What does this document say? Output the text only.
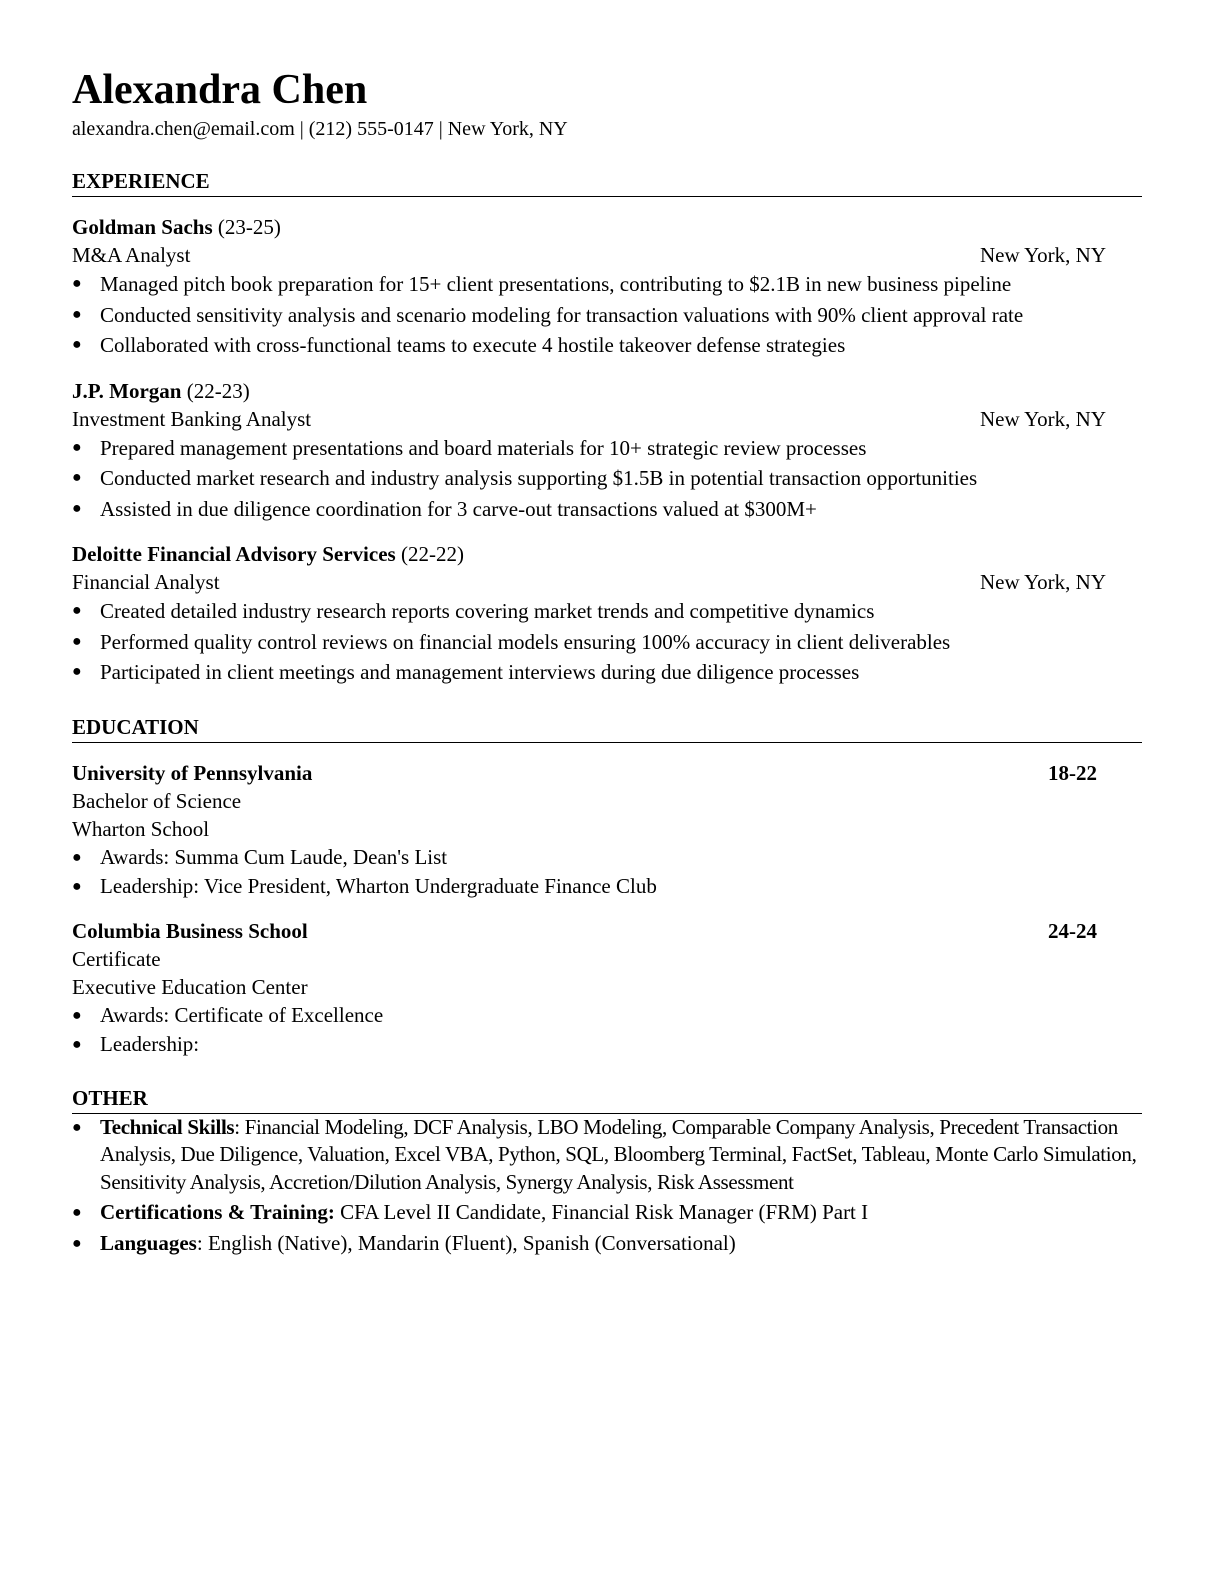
Alexandra Chen
alexandra.chen@email.com | (212) 555-0147 | New York, NY
EXPERIENCE
Goldman Sachs (23-25)
M&A Analyst	New York, NY
● Managed pitch book preparation for 15+ client presentations, contributing to $2.1B in new business pipeline
● Conducted sensitivity analysis and scenario modeling for transaction valuations with 90% client approval rate
● Collaborated with cross-functional teams to execute 4 hostile takeover defense strategies
J.P. Morgan (22-23)
Investment Banking Analyst	New York, NY
● Prepared management presentations and board materials for 10+ strategic review processes
● Conducted market research and industry analysis supporting $1.5B in potential transaction opportunities
● Assisted in due diligence coordination for 3 carve-out transactions valued at $300M+
Deloitte Financial Advisory Services (22-22)
Financial Analyst	New York, NY
● Created detailed industry research reports covering market trends and competitive dynamics
● Performed quality control reviews on financial models ensuring 100% accuracy in client deliverables
● Participated in client meetings and management interviews during due diligence processes
EDUCATION
University of Pennsylvania	18-22
Bachelor of Science
Wharton School
● Awards: Summa Cum Laude, Dean's List
● Leadership: Vice President, Wharton Undergraduate Finance Club
Columbia Business School	24-24
Certificate
Executive Education Center
● Awards: Certificate of Excellence
● Leadership:
OTHER
● Technical Skills: Financial Modeling, DCF Analysis, LBO Modeling, Comparable Company Analysis, Precedent Transaction Analysis, Due Diligence, Valuation, Excel VBA, Python, SQL, Bloomberg Terminal, FactSet, Tableau, Monte Carlo Simulation, Sensitivity Analysis, Accretion/Dilution Analysis, Synergy Analysis, Risk Assessment
● Certifications & Training: CFA Level II Candidate, Financial Risk Manager (FRM) Part I
● Languages: English (Native), Mandarin (Fluent), Spanish (Conversational)
